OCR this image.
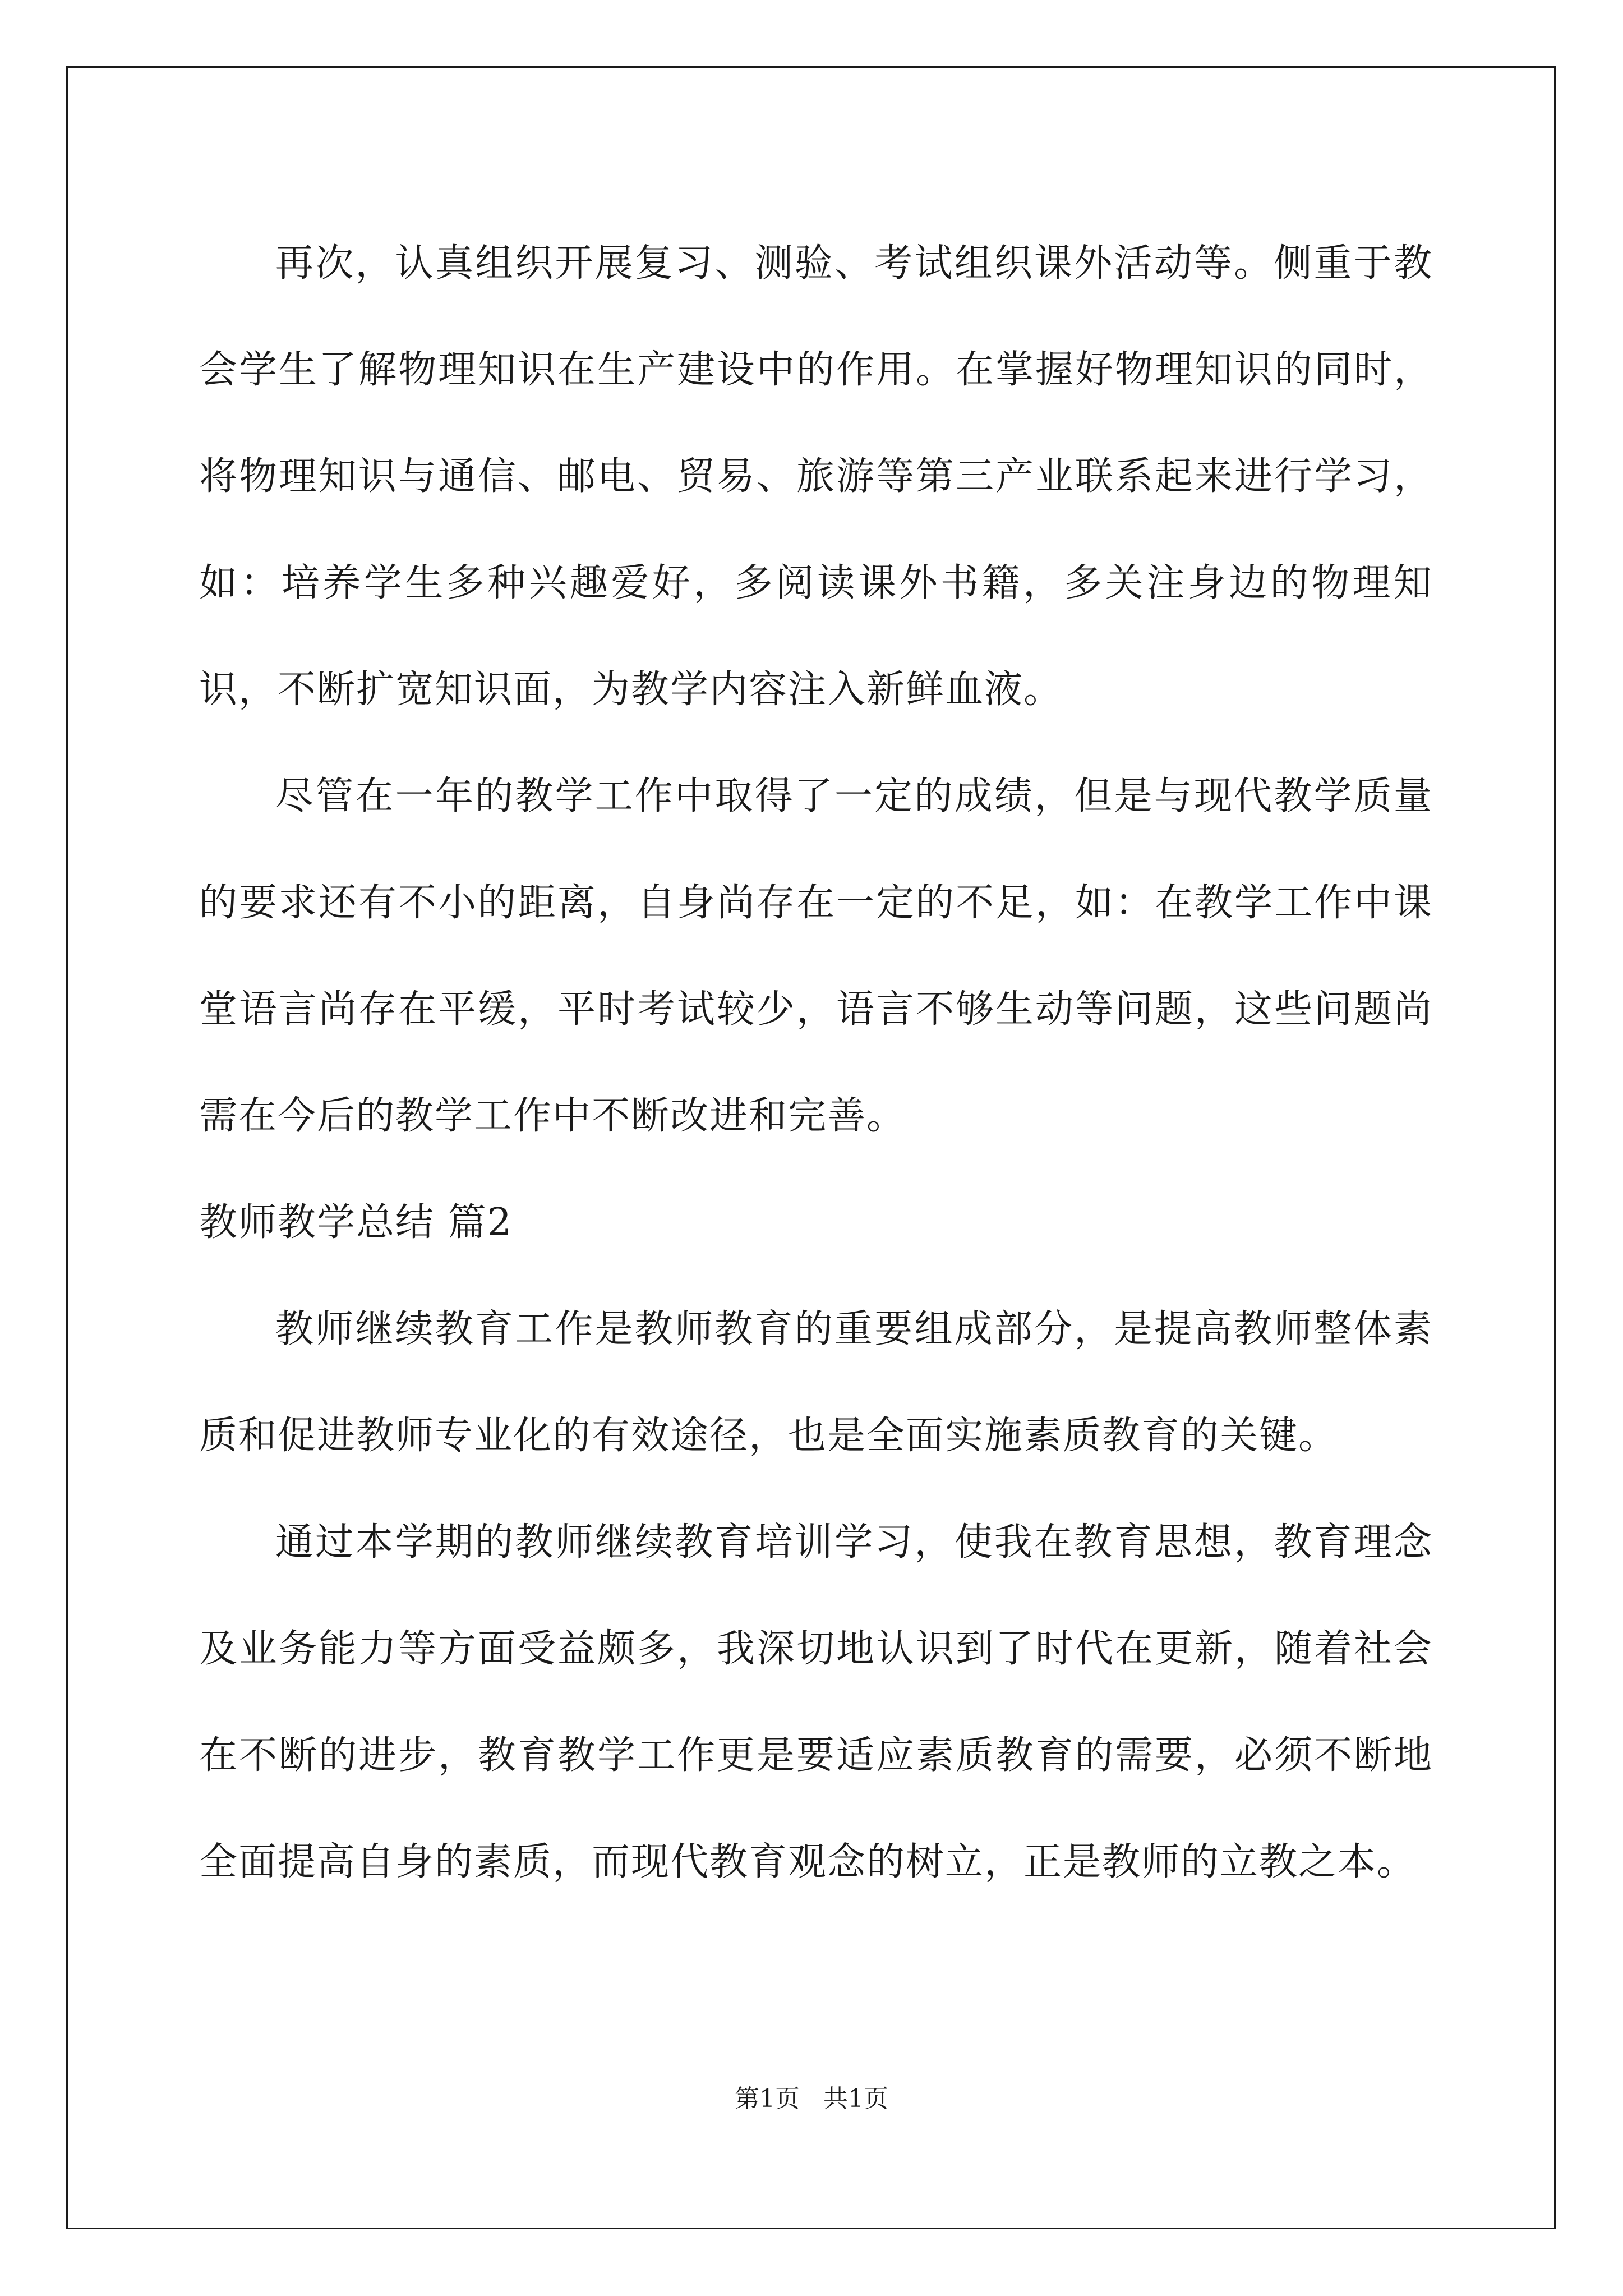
再次，认真组织开展复习、测验、考试组织课外活动等。侧重于教会学生了解物理知识在生产建设中的作用。在掌握好物理知识的同时，将物理知识与通信、邮电、贸易、旅游等第三产业联系起来进行学习，如：培养学生多种兴趣爱好，多阅读课外书籍，多关注身边的物理知识，不断扩宽知识面，为教学内容注入新鲜血液。

尽管在一年的教学工作中取得了一定的成绩，但是与现代教学质量的要求还有不小的距离，自身尚存在一定的不足，如：在教学工作中课堂语言尚存在平缓，平时考试较少，语言不够生动等问题，这些问题尚需在今后的教学工作中不断改进和完善。

教师教学总结 篇2

教师继续教育工作是教师教育的重要组成部分，是提高教师整体素质和促进教师专业化的有效途径，也是全面实施素质教育的关键。

通过本学期的教师继续教育培训学习，使我在教育思想，教育理念及业务能力等方面受益颇多，我深切地认识到了时代在更新，随着社会在不断的进步，教育教学工作更是要适应素质教育的需要，必须不断地全面提高自身的素质，而现代教育观念的树立，正是教师的立教之本。

第1页   共1页
